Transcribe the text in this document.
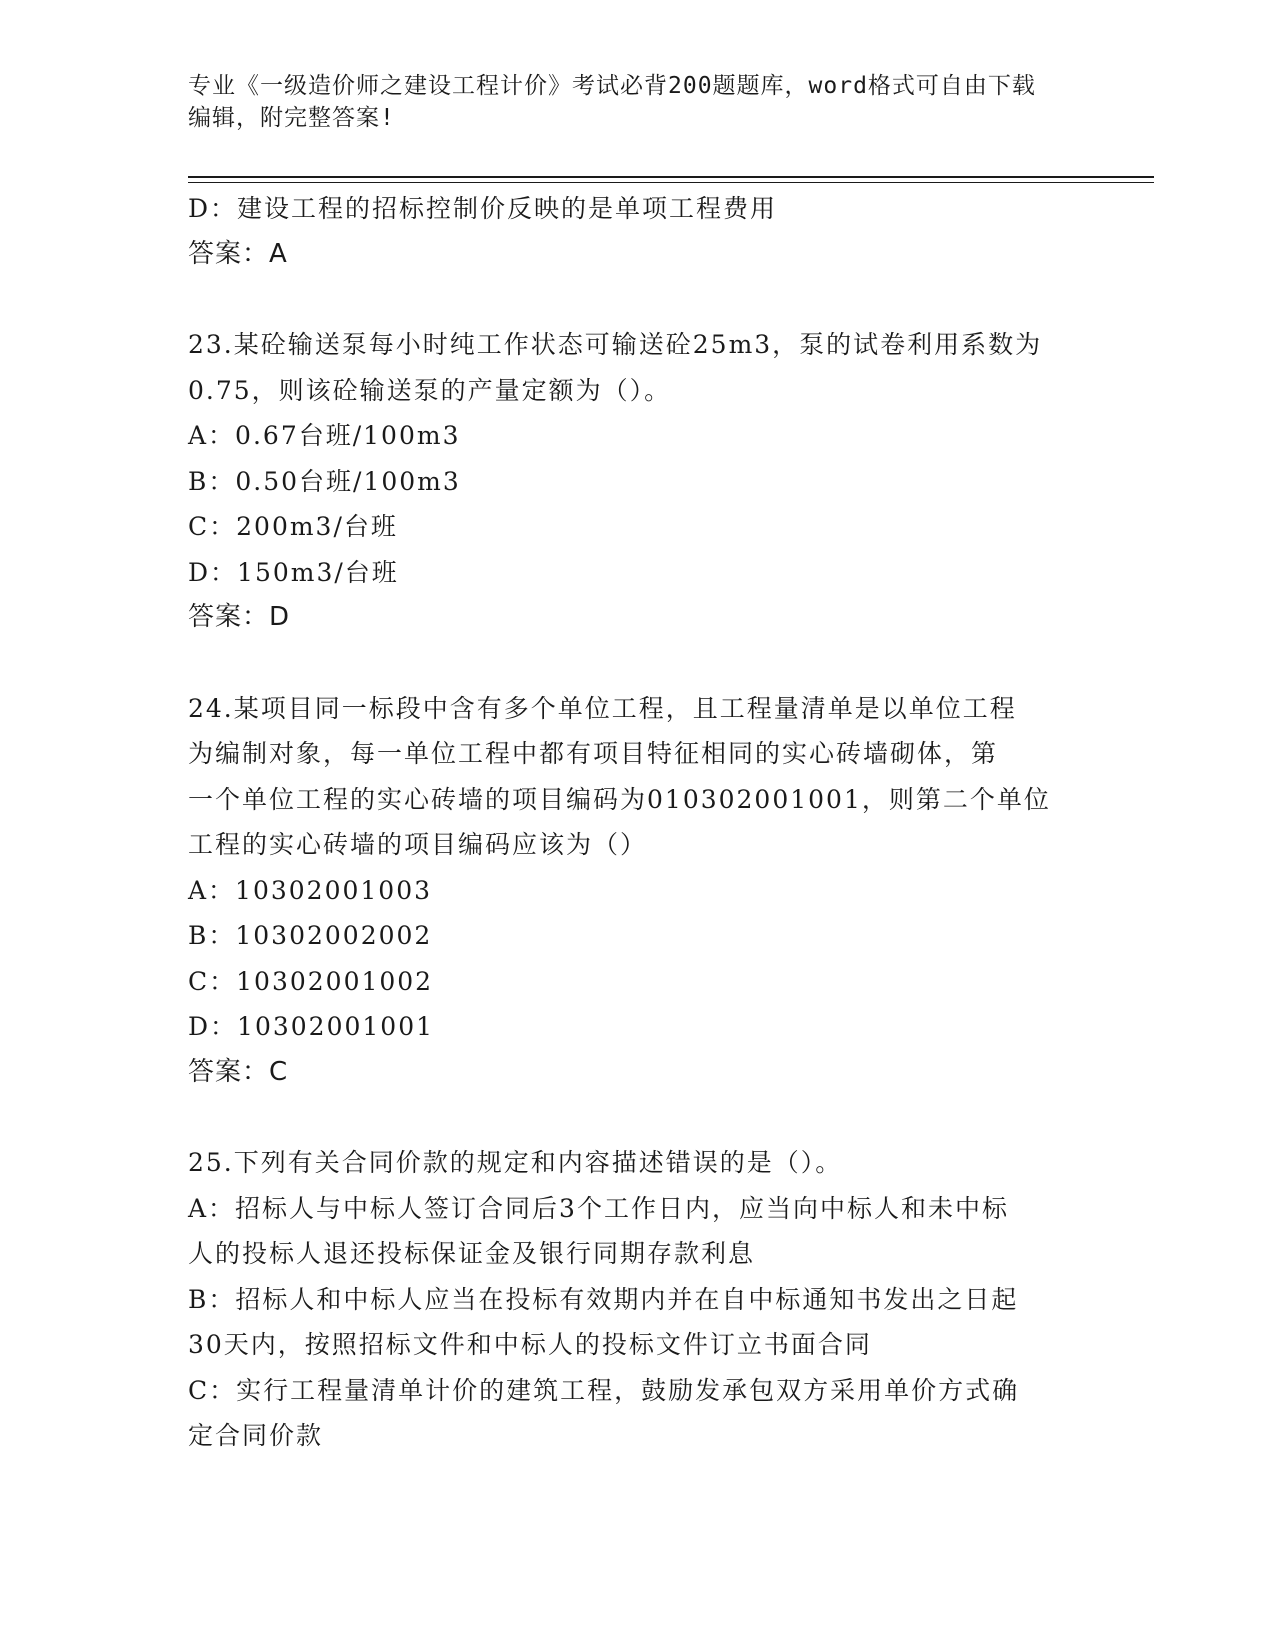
专业《一级造价师之建设工程计价》考试必背200题题库，word格式可自由下载
编辑，附完整答案!
D：建设工程的招标控制价反映的是单项工程费用
答案：A
23.某砼输送泵每小时纯工作状态可输送砼25m3，泵的试卷利用系数为
0.75，则该砼输送泵的产量定额为（）。
A：0.67台班/100m3
B：0.50台班/100m3
C：200m3/台班
D：150m3/台班
答案：D
24.某项目同一标段中含有多个单位工程，且工程量清单是以单位工程
为编制对象，每一单位工程中都有项目特征相同的实心砖墙砌体，第
一个单位工程的实心砖墙的项目编码为010302001001，则第二个单位
工程的实心砖墙的项目编码应该为（）
A：10302001003
B：10302002002
C：10302001002
D：10302001001
答案：C
25.下列有关合同价款的规定和内容描述错误的是（）。
A：招标人与中标人签订合同后3个工作日内，应当向中标人和未中标
人的投标人退还投标保证金及银行同期存款利息
B：招标人和中标人应当在投标有效期内并在自中标通知书发出之日起
30天内，按照招标文件和中标人的投标文件订立书面合同
C：实行工程量清单计价的建筑工程，鼓励发承包双方采用单价方式确
定合同价款
